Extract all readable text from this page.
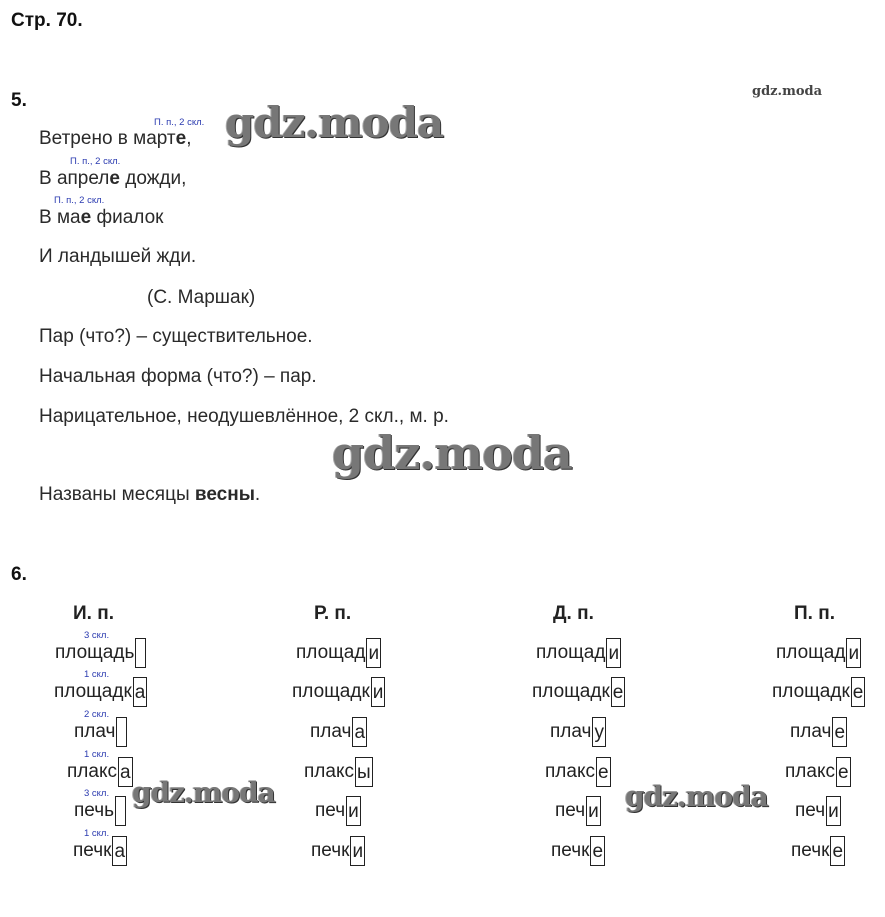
Стр. 70.
gdz.moda
5.
П. п., 2 скл.
Ветрено в марте, gdz.moda
П. п., 2 скл.
В апреле дожди,
П. п., 2 скл.
В мае фиалок
И ландышей жди.
(С. Маршак)
Пар (что?) – существительное.
Начальная форма (что?) – пар.
Нарицательное, неодушевлённое, 2 скл., м. р.
gdz.moda
Названы месяцы весны.
6.
И. п.	Р. п.	Д. п.	П. п.
3 скл.
площадь	площад и	площад и	площад и
1 скл.
площадк а	площадк и	площадк е	площадк е
2 скл.
плач	плач а	плач у	плач е
1 скл.
плакс а	плакс ы	плакс е	плакс е
3 скл.
печь	печ и	печ и	печ и
1 скл.
печк а	печк и	печк е	печк е
gdz.moda	gdz.moda
